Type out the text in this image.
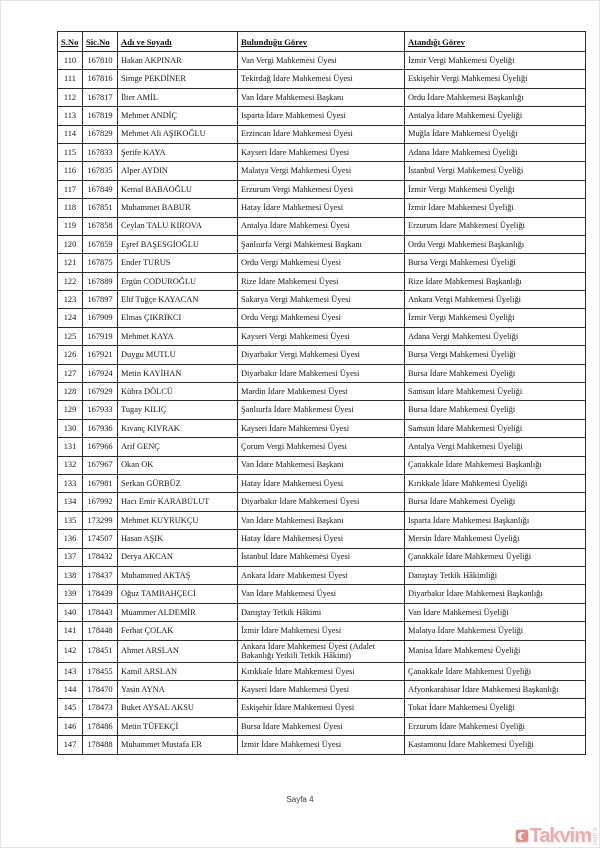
S.No	Sic.No	Adı ve Soyadı	Bulunduğu Görev	Atandığı Görev
110	167810	Hakan AKPINAR	Van Vergi Mahkemesi Üyesi	İzmir Vergi Mahkemesi Üyeliği
111	167816	Simge PEKDİNER	Tekirdağ İdare Mahkemesi Üyesi	Eskişehir Vergi Mahkemesi Üyeliği
112	167817	İlter AMİL	Van İdare Mahkemesi Başkanı	Ordu İdare Mahkemesi Başkanlığı
113	167819	Mehmet ANDİÇ	Isparta İdare Mahkemesi Üyesi	Antalya İdare Mahkemesi Üyeliği
114	167829	Mehmet Ali AŞIKOĞLU	Erzincan İdare Mahkemesi Üyesi	Muğla İdare Mahkemesi Üyeliği
115	167833	Şerife KAYA	Kayseri İdare Mahkemesi Üyesi	Adana İdare Mahkemesi Üyeliği
116	167835	Alper AYDIN	Malatya Vergi Mahkemesi Üyesi	İstanbul Vergi Mahkemesi Üyeliği
117	167849	Kemal BABAOĞLU	Erzurum Vergi Mahkemesi Üyesi	İzmir Vergi Mahkemesi Üyeliği
118	167851	Muhammet BABUR	Hatay İdare Mahkemesi Üyesi	İzmir İdare Mahkemesi Üyeliği
119	167858	Ceylan TALU KIROVA	Antalya İdare Mahkemesi Üyesi	Erzurum İdare Mahkemesi Üyeliği
120	167859	Eşref BAŞESGİOĞLU	Şanlıurfa Vergi Mahkemesi Başkanı	Ordu Vergi Mahkemesi Başkanlığı
121	167875	Ender TURUS	Ordu Vergi Mahkemesi Üyesi	Bursa Vergi Mahkemesi Üyeliği
122	167889	Ergün CODUROĞLU	Rize İdare Mahkemesi Üyesi	Rize İdare Mahkemesi Başkanlığı
123	167897	Elif Tuğçe KAYACAN	Sakarya Vergi Mahkemesi Üyesi	Ankara Vergi Mahkemesi Üyeliği
124	167909	Elmas ÇIKRIKCI	Ordu Vergi Mahkemesi Üyesi	İzmir Vergi Mahkemesi Üyeliği
125	167919	Mehmet KAYA	Kayseri Vergi Mahkemesi Üyesi	Adana Vergi Mahkemesi Üyeliği
126	167921	Duygu MUTLU	Diyarbakır Vergi Mahkemesi Üyesi	Bursa Vergi Mahkemesi Üyeliği
127	167924	Metin KAYİHAN	Diyarbakır İdare Mahkemesi Üyesi	Bursa İdare Mahkemesi Üyeliği
128	167929	Kübra DÖLCÜ	Mardin İdare Mahkemesi Üyesi	Samsun İdare Mahkemesi Üyeliği
129	167933	Tugay KILIÇ	Şanlıurfa İdare Mahkemesi Üyesi	Bursa İdare Mahkemesi Üyeliği
130	167936	Kıvanç KIVRAK	Kayseri İdare Mahkemesi Üyesi	Samsun İdare Mahkemesi Üyeliği
131	167966	Arif GENÇ	Çorum Vergi Mahkemesi Üyesi	Antalya Vergi Mahkemesi Üyeliği
132	167967	Okan OK	Van İdare Mahkemesi Başkanı	Çanakkale İdare Mahkemesi Başkanlığı
133	167981	Serkan GÜRBÜZ	Hatay İdare Mahkemesi Üyesi	Kırıkkale İdare Mahkemesi Üyeliği
134	167992	Hacı Emir KARABULUT	Diyarbakır İdare Mahkemesi Üyesi	Bursa İdare Mahkemesi Üyeliği
135	173299	Mehmet KUYRUKÇU	Van İdare Mahkemesi Başkanı	Isparta İdare Mahkemesi Başkanlığı
136	174507	Hasan AŞIK	Hatay İdare Mahkemesi Üyesi	Mersin İdare Mahkemesi Üyeliği
137	178432	Derya AKCAN	İstanbul İdare Mahkemesi Üyesi	Çanakkale İdare Mahkemesi Üyeliği
138	178437	Muhammed AKTAŞ	Ankara İdare Mahkemesi Üyesi	Danıştay Tetkik Hâkimliği
139	178439	Oğuz TAMBAHÇECİ	Van İdare Mahkemesi Üyesi	Diyarbakır İdare Mahkemesi Başkanlığı
140	178443	Muammer ALDEMİR	Danıştay Tetkik Hâkimi	Van İdare Mahkemesi Üyeliği
141	178448	Ferhat ÇOLAK	İzmir İdare Mahkemesi Üyesi	Malatya İdare Mahkemesi Üyeliği
142	178451	Ahmet ARSLAN	Ankara İdare Mahkemesi Üyesi (Adalet Bakanlığı Yetkili Tetkik Hâkimi)	Manisa İdare Mahkemesi Üyeliği
143	178455	Kamil ARSLAN	Kırıkkale İdare Mahkemesi Üyesi	Çanakkale İdare Mahkemesi Üyeliği
144	178470	Yasin AYNA	Kayseri İdare Mahkemesi Üyesi	Afyonkarahisar İdare Mahkemesi Başkanlığı
145	178473	Buket AYSAL AKSU	Eskişehir İdare Mahkemesi Üyesi	Tokat İdare Mahkemesi Üyeliği
146	178486	Metin TÜFEKÇİ	Bursa İdare Mahkemesi Üyesi	Erzurum İdare Mahkemesi Üyeliği
147	178488	Muhammet Mustafa ER	İzmir İdare Mahkemesi Üyesi	Kastamonu İdare Mahkemesi Üyeliği
Sayfa 4
Takvim com.tr
